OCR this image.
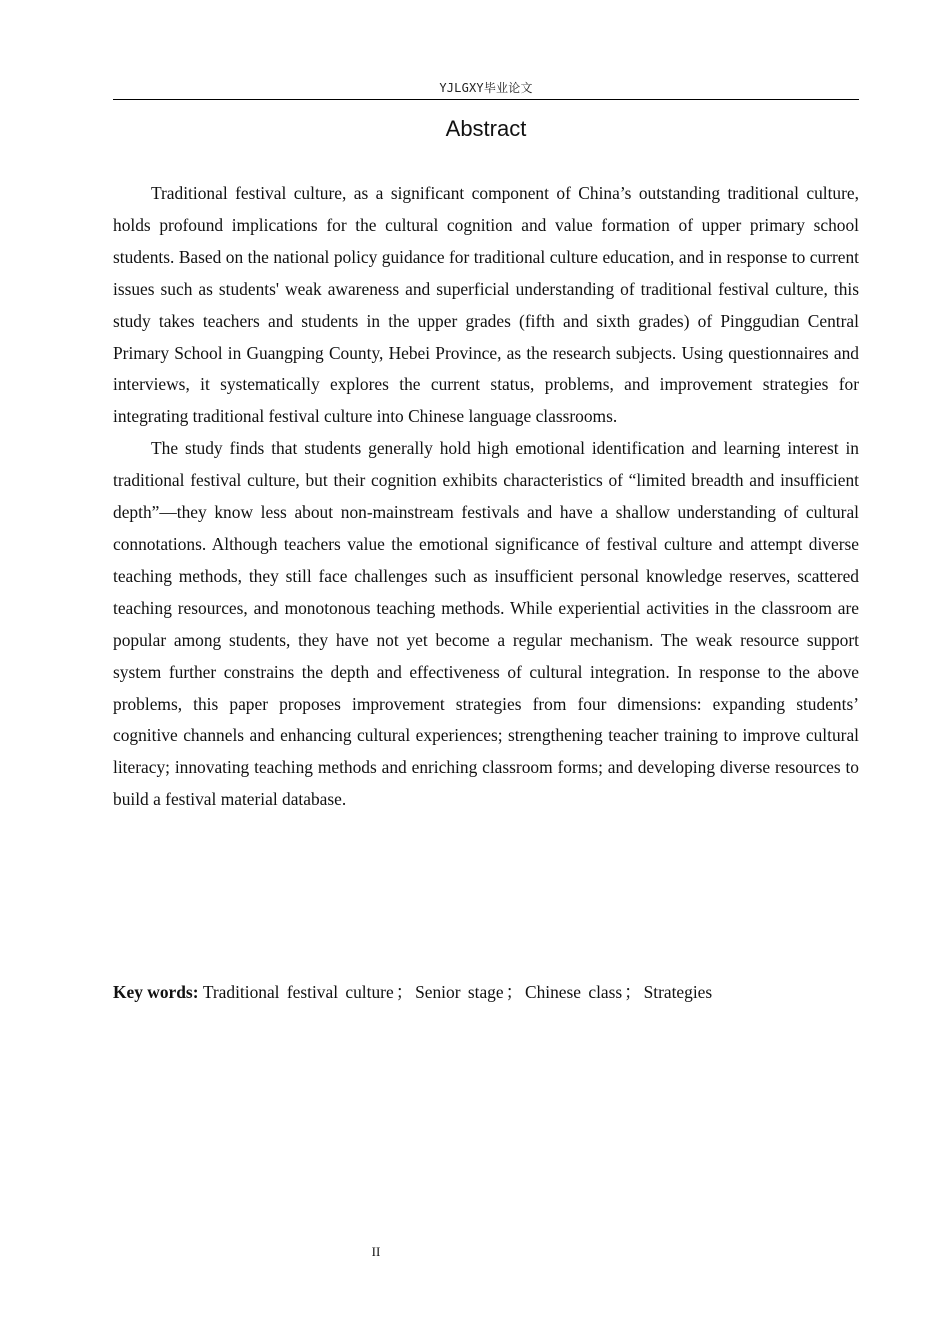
YJLGXY毕业论文
Abstract

Traditional festival culture, as a significant component of China’s outstanding traditional culture, holds profound implications for the cultural cognition and value formation of upper primary school students. Based on the national policy guidance for traditional culture education, and in response to current issues such as students' weak awareness and superficial understanding of traditional festival culture, this study takes teachers and students in the upper grades (fifth and sixth grades) of Pinggudian Central Primary School in Guangping County, Hebei Province, as the research subjects. Using questionnaires and interviews, it systematically explores the current status, problems, and improvement strategies for integrating traditional festival culture into Chinese language classrooms.

The study finds that students generally hold high emotional identification and learning interest in traditional festival culture, but their cognition exhibits characteristics of “limited breadth and insufficient depth”—they know less about non-mainstream festivals and have a shallow understanding of cultural connotations. Although teachers value the emotional significance of festival culture and attempt diverse teaching methods, they still face challenges such as insufficient personal knowledge reserves, scattered teaching resources, and monotonous teaching methods. While experiential activities in the classroom are popular among students, they have not yet become a regular mechanism. The weak resource support system further constrains the depth and effectiveness of cultural integration. In response to the above problems, this paper proposes improvement strategies from four dimensions: expanding students’ cognitive channels and enhancing cultural experiences; strengthening teacher training to improve cultural literacy; innovating teaching methods and enriching classroom forms; and developing diverse resources to build a festival material database.

Key words: Traditional festival culture ； Senior stage ； Chinese class ； Strategies
II
